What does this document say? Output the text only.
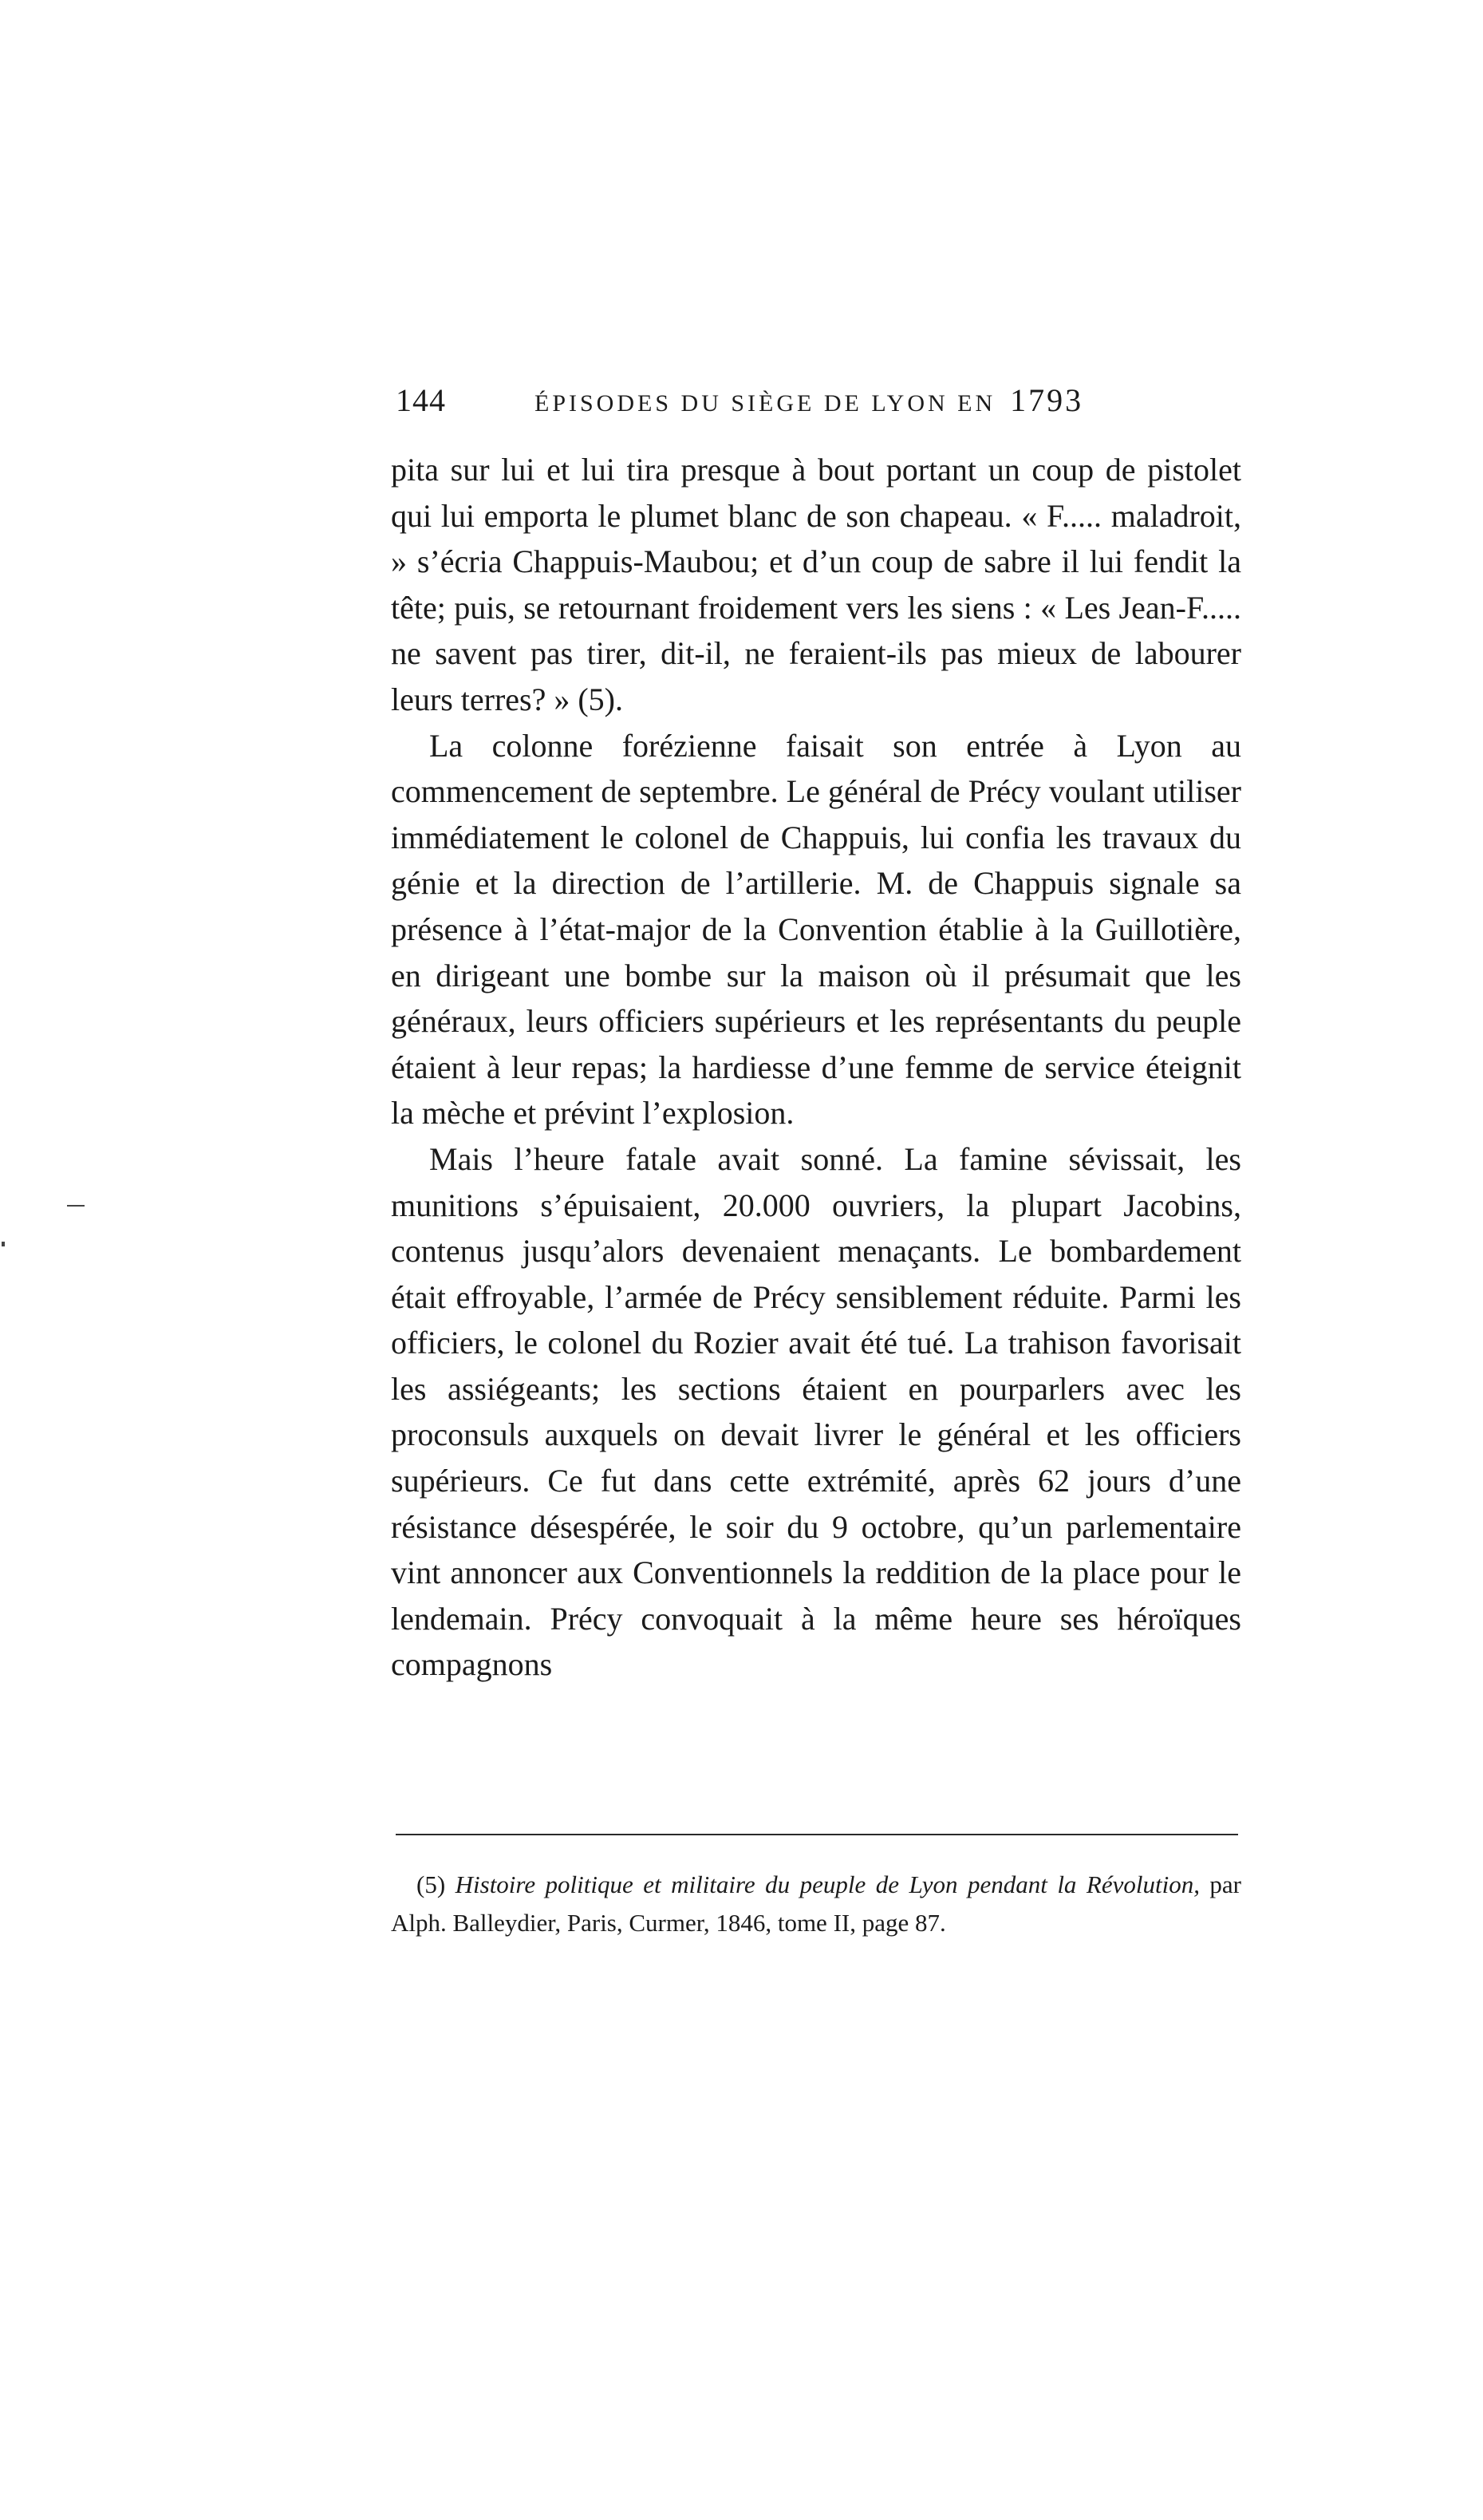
144	ÉPISODES DU SIÈGE DE LYON EN 1793

pita sur lui et lui tira presque à bout portant un coup de pistolet qui lui emporta le plumet blanc de son chapeau. « F..... maladroit, » s’écria Chappuis-Maubou; et d’un coup de sabre il lui fendit la tête; puis, se retournant froidement vers les siens : « Les Jean-F..... ne savent pas tirer, dit-il, ne feraient-ils pas mieux de labourer leurs terres? » (5).

La colonne forézienne faisait son entrée à Lyon au commencement de septembre. Le général de Précy voulant utiliser immédiatement le colonel de Chappuis, lui confia les travaux du génie et la direction de l’artillerie. M. de Chappuis signale sa présence à l’état-major de la Convention établie à la Guillotière, en dirigeant une bombe sur la maison où il présumait que les généraux, leurs officiers supérieurs et les représentants du peuple étaient à leur repas; la hardiesse d’une femme de service éteignit la mèche et prévint l’explosion.

Mais l’heure fatale avait sonné. La famine sévissait, les munitions s’épuisaient, 20.000 ouvriers, la plupart Jacobins, contenus jusqu’alors devenaient menaçants. Le bombardement était effroyable, l’armée de Précy sensiblement réduite. Parmi les officiers, le colonel du Rozier avait été tué. La trahison favorisait les assiégeants; les sections étaient en pourparlers avec les proconsuls auxquels on devait livrer le général et les officiers supérieurs. Ce fut dans cette extrémité, après 62 jours d’une résistance désespérée, le soir du 9 octobre, qu’un parlementaire vint annoncer aux Conventionnels la reddition de la place pour le lendemain. Précy convoquait à la même heure ses héroïques compagnons

(5) Histoire politique et militaire du peuple de Lyon pendant la Révolution, par Alph. Balleydier, Paris, Curmer, 1846, tome II, page 87.
